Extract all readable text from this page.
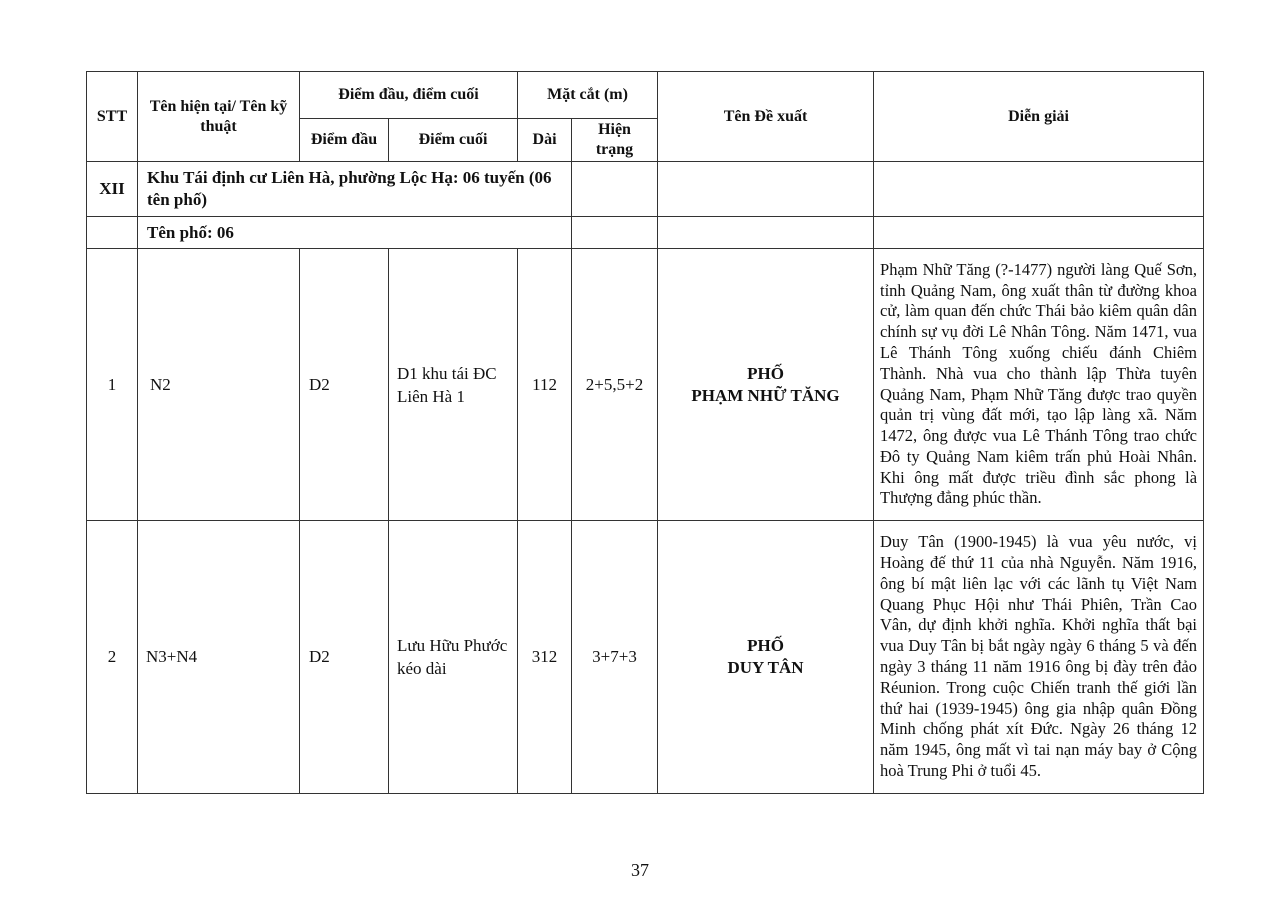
STT	Tên hiện tại/ Tên kỹ thuật	Điểm đầu, điểm cuối		Mặt cắt (m)		Tên Đề xuất	Diễn giải
		Điểm đầu	Điểm cuối	Dài	Hiện trạng		
XII	Khu Tái định cư Liên Hà, phường Lộc Hạ: 06 tuyến (06 tên phố)						
	Tên phố: 06						
1	N2	D2	D1 khu tái ĐC Liên Hà 1	112	2+5,5+2	PHỐ
PHẠM NHỮ TĂNG	Phạm Nhữ Tăng (?-1477) người làng Quế Sơn, tỉnh Quảng Nam, ông xuất thân từ đường khoa cử, làm quan đến chức Thái bảo kiêm quân dân chính sự vụ đời Lê Nhân Tông. Năm 1471, vua Lê Thánh Tông xuống chiếu đánh Chiêm Thành. Nhà vua cho thành lập Thừa tuyên Quảng Nam, Phạm Nhữ Tăng được trao quyền quản trị vùng đất mới, tạo lập làng xã. Năm 1472, ông được vua Lê Thánh Tông trao chức Đô ty Quảng Nam kiêm trấn phủ Hoài Nhân. Khi ông mất được triều đình sắc phong là Thượng đẳng phúc thần.
2	N3+N4	D2	Lưu Hữu Phước kéo dài	312	3+7+3	PHỐ
DUY TÂN	Duy Tân (1900-1945) là vua yêu nước, vị Hoàng đế thứ 11 của nhà Nguyễn. Năm 1916, ông bí mật liên lạc với các lãnh tụ Việt Nam Quang Phục Hội như Thái Phiên, Trần Cao Vân, dự định khởi nghĩa. Khởi nghĩa thất bại vua Duy Tân bị bắt ngày ngày 6 tháng 5 và đến ngày 3 tháng 11 năm 1916 ông bị đày trên đảo Réunion. Trong cuộc Chiến tranh thế giới lần thứ hai (1939-1945) ông gia nhập quân Đồng Minh chống phát xít Đức. Ngày 26 tháng 12 năm 1945, ông mất vì tai nạn máy bay ở Cộng hoà Trung Phi ở tuổi 45.
37
